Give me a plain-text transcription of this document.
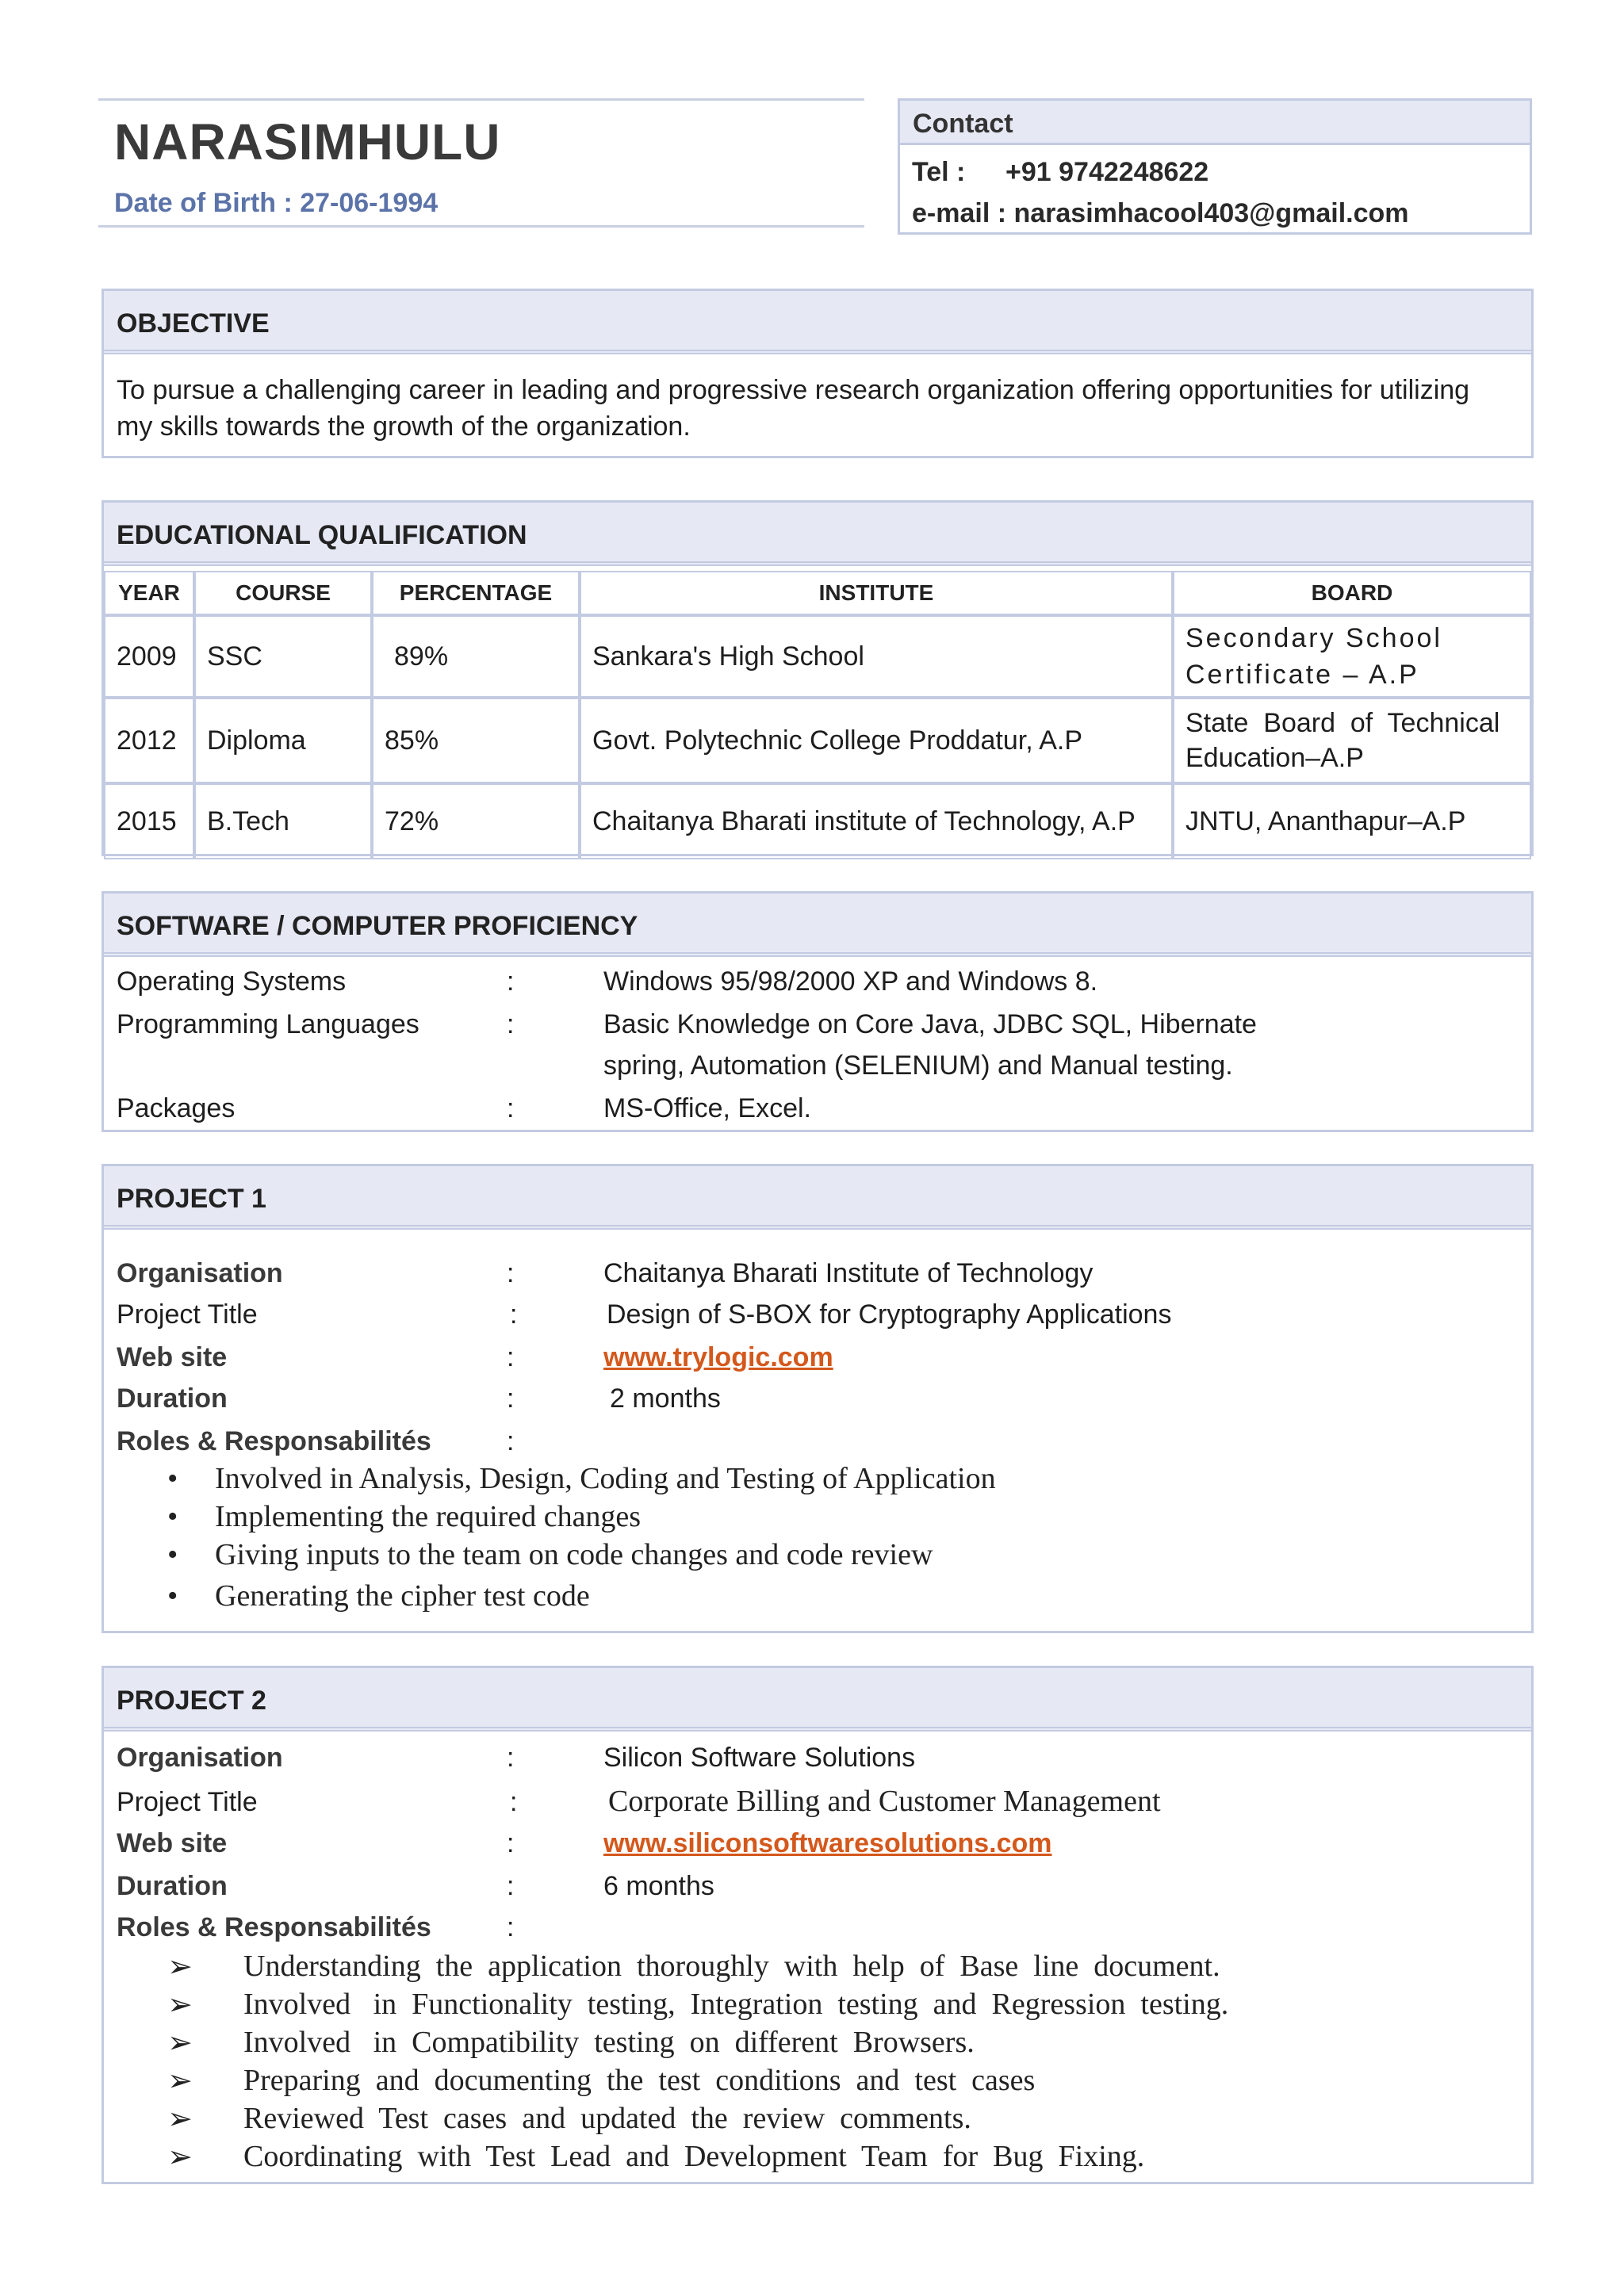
NARASIMHULU
Date of Birth : 27-06-1994
Contact
Tel : +91 9742248622
e-mail : narasimhacool403@gmail.com
OBJECTIVE
To pursue a challenging career in leading and progressive research organization offering opportunities for utilizing
my skills towards the growth of the organization.
EDUCATIONAL QUALIFICATION
YEAR	COURSE	PERCENTAGE	INSTITUTE	BOARD
2009	SSC	89%	Sankara's High School	Secondary School
Certificate – A.P

2012	Diploma	85%	Govt. Polytechnic College Proddatur, A.P	State  Board  of  Technical
Education–A.P

2015	B.Tech	72%	Chaitanya Bharati institute of Technology, A.P	JNTU, Ananthapur–A.P
SOFTWARE / COMPUTER PROFICIENCY
Operating Systems	:	Windows 95/98/2000 XP and Windows 8.
Programming Languages	:	Basic Knowledge on Core Java, JDBC SQL, Hibernate
spring, Automation (SELENIUM) and Manual testing.
Packages	:	MS-Office, Excel.
PROJECT 1
Organisation	:	Chaitanya Bharati Institute of Technology
Project Title	:	Design of S-BOX for Cryptography Applications
Web site	:	www.trylogic.com
Duration	:	2 months
Roles & Responsabilités	:
• Involved in Analysis, Design, Coding and Testing of Application
• Implementing the required changes
• Giving inputs to the team on code changes and code review
• Generating the cipher test code
PROJECT 2
Organisation	:	Silicon Software Solutions
Project Title	:	Corporate Billing and Customer Management
Web site	:	www.siliconsoftwaresolutions.com
Duration	:	6 months
Roles & Responsabilités	:
➢ Understanding  the  application  thoroughly  with  help  of  Base  line  document.
➢ Involved   in  Functionality  testing,  Integration  testing  and  Regression  testing.
➢ Involved   in  Compatibility  testing  on  different  Browsers.
➢ Preparing  and  documenting  the  test  conditions  and  test  cases
➢ Reviewed  Test  cases  and  updated  the  review  comments.
➢ Coordinating  with  Test  Lead  and  Development  Team  for  Bug  Fixing.
